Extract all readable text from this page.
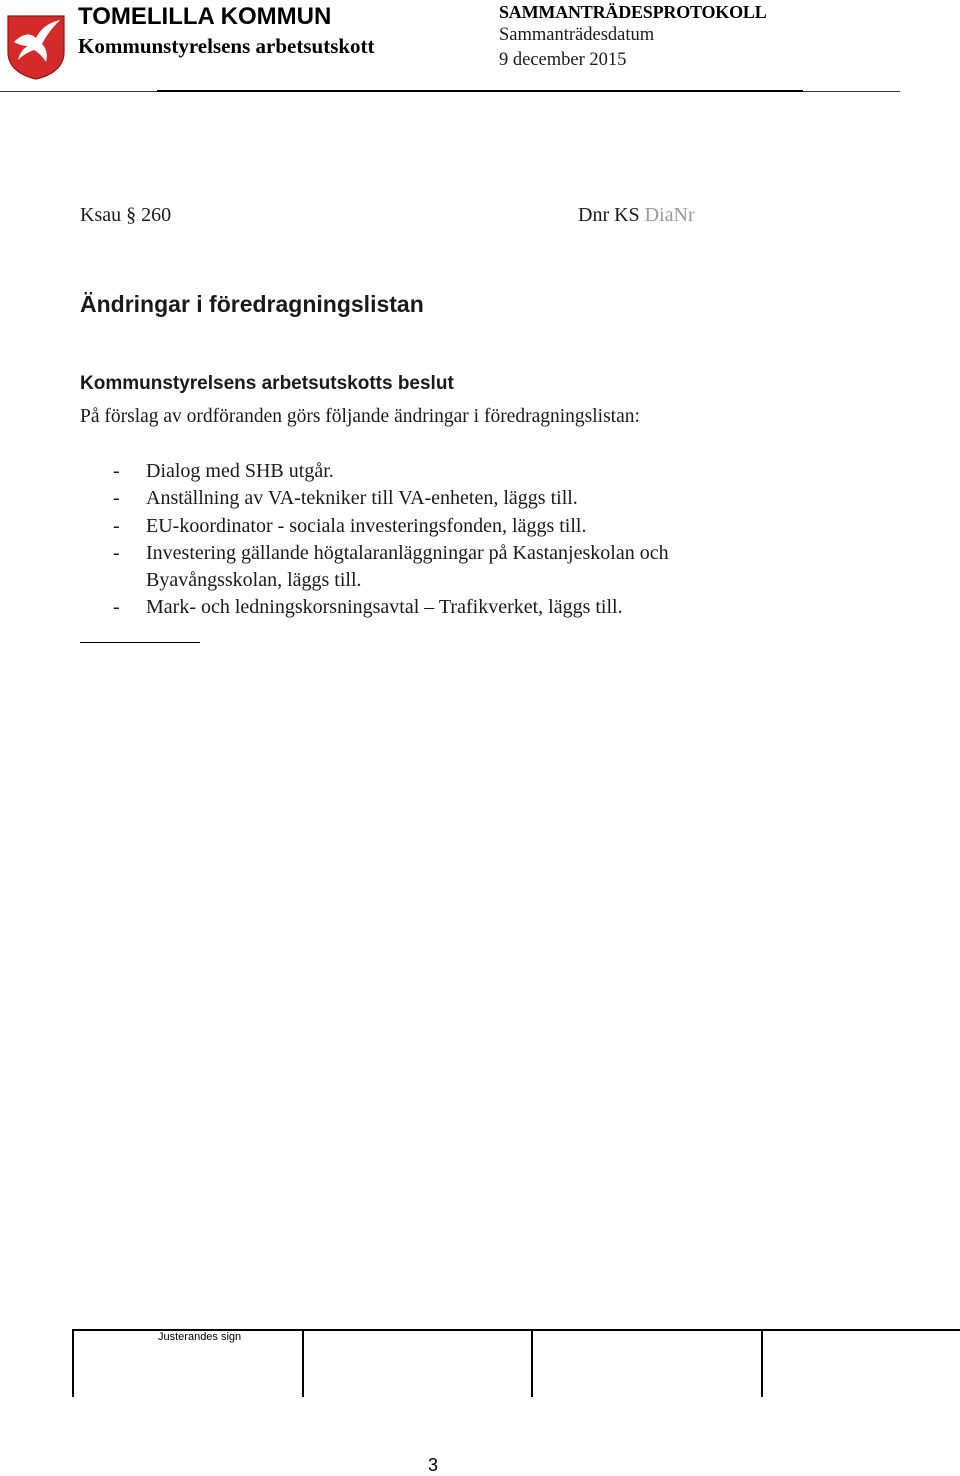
TOMELILLA KOMMUN
Kommunstyrelsens arbetsutskott
SAMMANTRÄDESPROTOKOLL
Sammanträdesdatum
9 december 2015
Ksau § 260	Dnr KS DiaNr
Ändringar i föredragningslistan
Kommunstyrelsens arbetsutskotts beslut
På förslag av ordföranden görs följande ändringar i föredragningslistan:
- Dialog med SHB utgår.
- Anställning av VA-tekniker till VA-enheten, läggs till.
- EU-koordinator - sociala investeringsfonden, läggs till.
- Investering gällande högtalaranläggningar på Kastanjeskolan och Byavångsskolan, läggs till.
- Mark- och ledningskorsningsavtal – Trafikverket, läggs till.
Justerandes sign
3
